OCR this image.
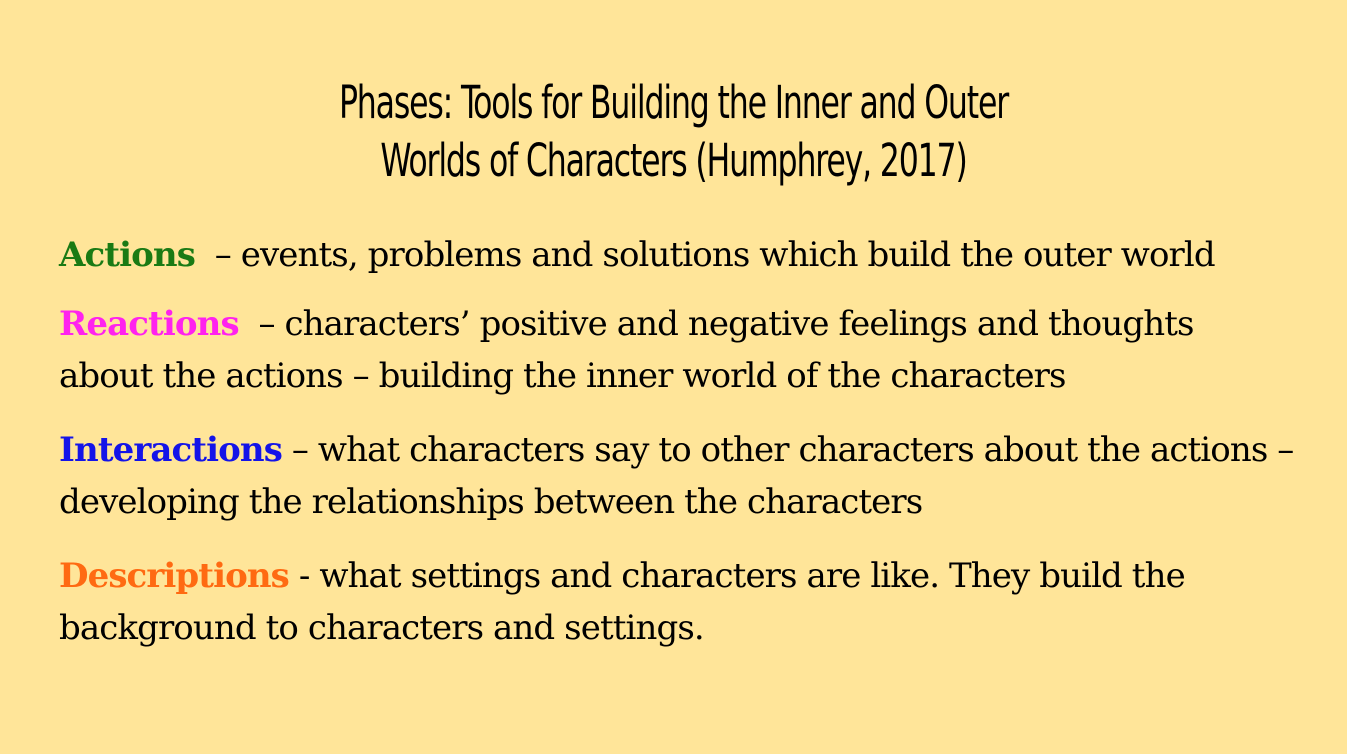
Phases: Tools for Building the Inner and Outer
Worlds of Characters (Humphrey, 2017)
Actions  – events, problems and solutions which build the outer world
Reactions  – characters’ positive and negative feelings and thoughts about the actions – building the inner world of the characters
Interactions – what characters say to other characters about the actions – developing the relationships between the characters
Descriptions - what settings and characters are like. They build the background to characters and settings.
